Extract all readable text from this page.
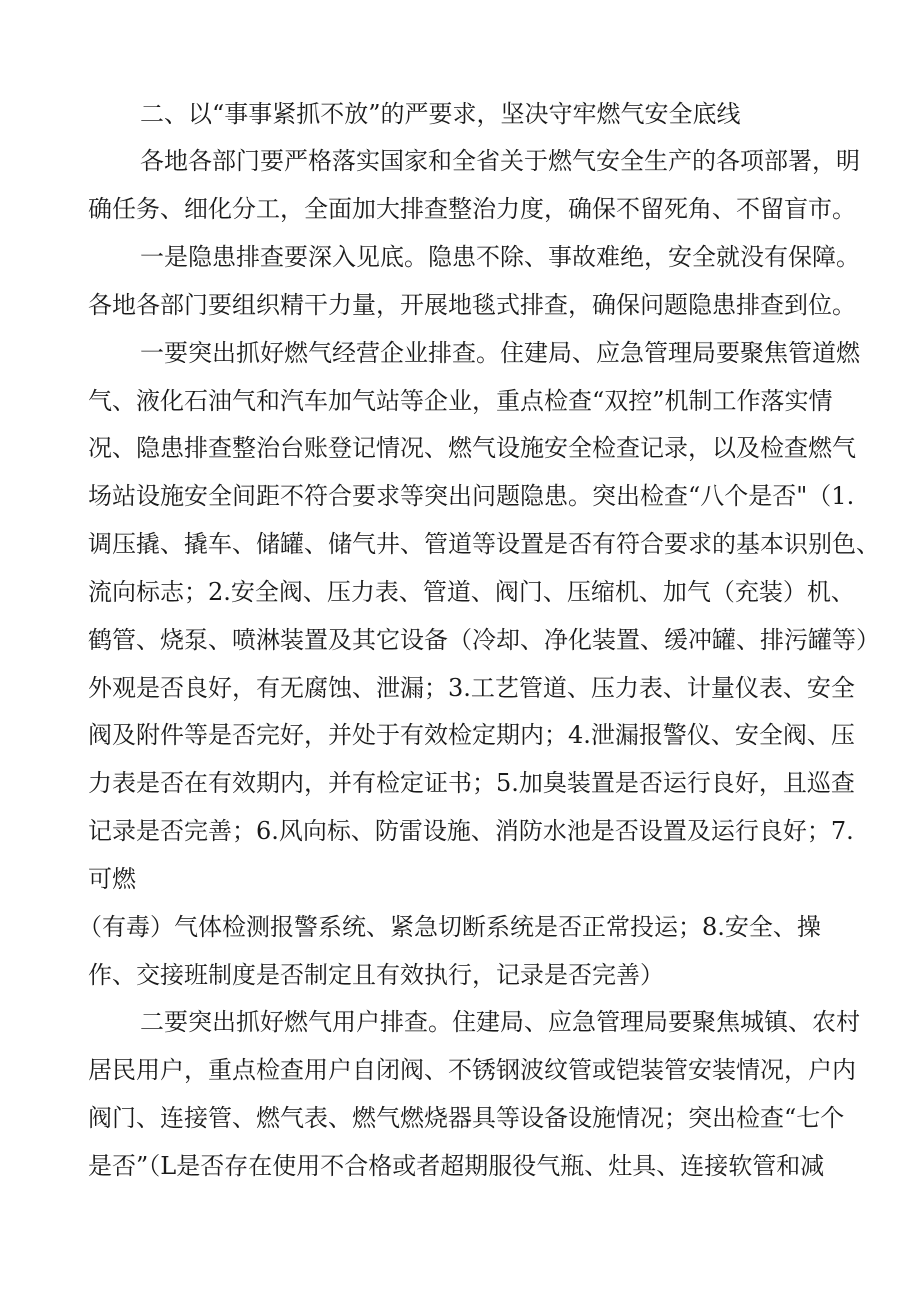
二、以“事事紧抓不放”的严要求，坚决守牢燃气安全底线

各地各部门要严格落实国家和全省关于燃气安全生产的各项部署，明

确任务、细化分工，全面加大排查整治力度，确保不留死角、不留盲市。

一是隐患排查要深入见底。隐患不除、事故难绝，安全就没有保障。

各地各部门要组织精干力量，开展地毯式排查，确保问题隐患排查到位。

一要突出抓好燃气经营企业排查。住建局、应急管理局要聚焦管道燃

气、液化石油气和汽车加气站等企业，重点检查“双控”机制工作落实情

况、隐患排查整治台账登记情况、燃气设施安全检查记录，以及检查燃气

场站设施安全间距不符合要求等突出问题隐患。突出检查“八个是否"（1.

调压撬、撬车、储罐、储气井、管道等设置是否有符合要求的基本识别色、

流向标志；2.安全阀、压力表、管道、阀门、压缩机、加气（充装）机、

鹤管、烧泵、喷淋装置及其它设备（冷却、净化装置、缓冲罐、排污罐等）

外观是否良好，有无腐蚀、泄漏；3.工艺管道、压力表、计量仪表、安全

阀及附件等是否完好，并处于有效检定期内；4.泄漏报警仪、安全阀、压

力表是否在有效期内，并有检定证书；5.加臭装置是否运行良好，且巡查

记录是否完善；6.风向标、防雷设施、消防水池是否设置及运行良好；7.

可燃

（有毒）气体检测报警系统、紧急切断系统是否正常投运；8.安全、操

作、交接班制度是否制定且有效执行，记录是否完善）

二要突出抓好燃气用户排查。住建局、应急管理局要聚焦城镇、农村

居民用户，重点检查用户自闭阀、不锈钢波纹管或铠装管安装情况，户内

阀门、连接管、燃气表、燃气燃烧器具等设备设施情况；突出检查“七个

是否”（L是否存在使用不合格或者超期服役气瓶、灶具、连接软管和减
